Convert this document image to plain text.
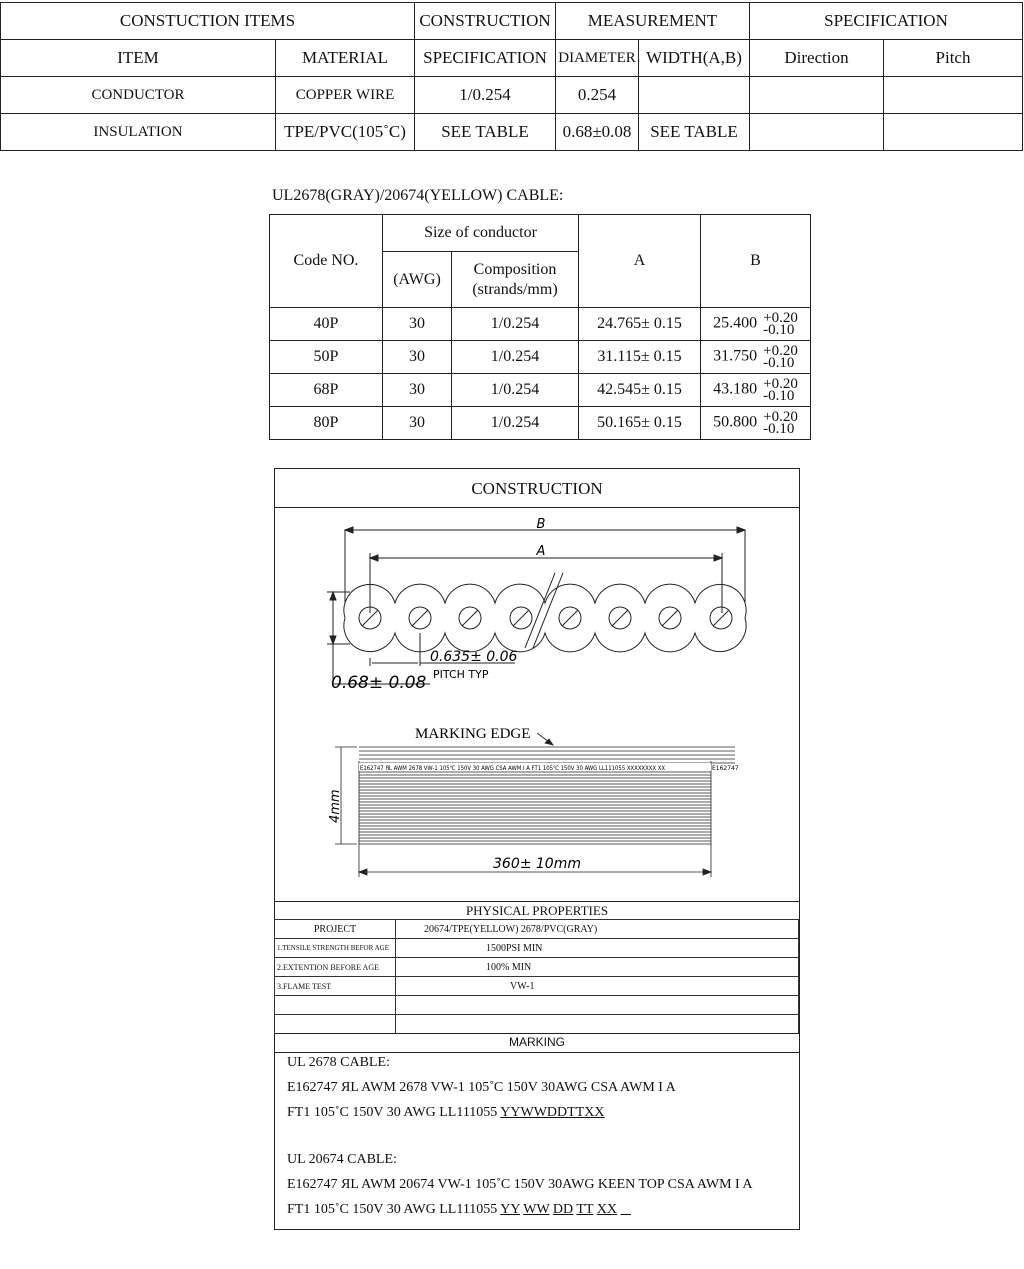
CONSTUCTION ITEMS		CONSTRUCTION	MEASUREMENT		SPECIFICATION	
ITEM	MATERIAL	SPECIFICATION	DIAMETER	WIDTH(A,B)	Direction	Pitch
CONDUCTOR	COPPER WIRE	1/0.254	0.254			
INSULATION	TPE/PVC(105˚C)	SEE TABLE	0.68±0.08	SEE TABLE		
UL2678(GRAY)/20674(YELLOW) CABLE:
Code NO.	Size of conductor		A	B
	(AWG)	Composition (strands/mm)		
40P	30	1/0.254	24.765± 0.15	25.400 +0.20
-0.10
50P	30	1/0.254	31.115± 0.15	31.750 +0.20
-0.10
68P	30	1/0.254	42.545± 0.15	43.180 +0.20
-0.10
80P	30	1/0.254	50.165± 0.15	50.800 +0.20
-0.10
CONSTRUCTION
B
A
0.635± 0.06
PITCH TYP
0.68± 0.08
MARKING EDGE
E162747 ЯL AWM 2678 VW-1 105℃ 150V 30 AWG CSA AWM I A FT1 105℃ 150V 30 AWG LL111055 XXXXXXXX XX	E162747
4mm
360± 10mm
PHYSICAL PROPERTIES
PROJECT	20674/TPE(YELLOW) 2678/PVC(GRAY)
1.TENSILE STRENGTH BEFOR AGE	1500PSI MIN
2.EXTENTION BEFORE AGE	100% MIN
3.FLAME TEST	VW-1

MARKING
UL 2678 CABLE:
E162747 ЯL AWM 2678 VW-1 105˚C 150V 30AWG CSA AWM I A
FT1 105˚C 150V 30 AWG LL111055 YYWWDDTTXX
UL 20674 CABLE:
E162747 ЯL AWM 20674 VW-1 105˚C 150V 30AWG KEEN TOP CSA AWM I A
FT1 105˚C 150V 30 AWG LL111055 YY WW DD TT XX
